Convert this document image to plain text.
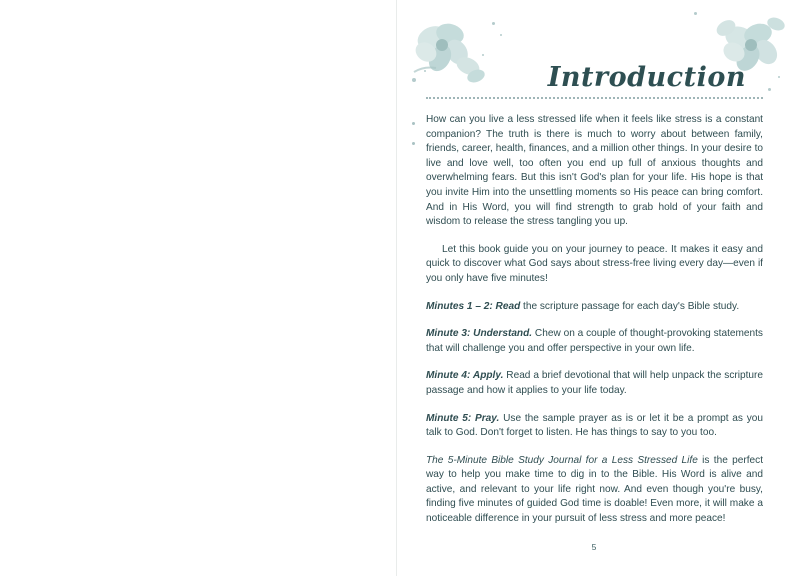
Introduction

How can you live a less stressed life when it feels like stress is a constant companion? The truth is there is much to worry about between family, friends, career, health, finances, and a million other things. In your desire to live and love well, too often you end up full of anxious thoughts and overwhelming fears. But this isn't God's plan for your life. His hope is that you invite Him into the unsettling moments so His peace can bring comfort. And in His Word, you will find strength to grab hold of your faith and wisdom to release the stress tangling you up.

Let this book guide you on your journey to peace. It makes it easy and quick to discover what God says about stress-free living every day—even if you only have five minutes!

Minutes 1 – 2: Read the scripture passage for each day's Bible study.

Minute 3: Understand. Chew on a couple of thought-provoking statements that will challenge you and offer perspective in your own life.

Minute 4: Apply. Read a brief devotional that will help unpack the scripture passage and how it applies to your life today.

Minute 5: Pray. Use the sample prayer as is or let it be a prompt as you talk to God. Don't forget to listen. He has things to say to you too.

The 5-Minute Bible Study Journal for a Less Stressed Life is the perfect way to help you make time to dig in to the Bible. His Word is alive and active, and relevant to your life right now. And even though you're busy, finding five minutes of guided God time is doable! Even more, it will make a noticeable difference in your pursuit of less stress and more peace!

5
